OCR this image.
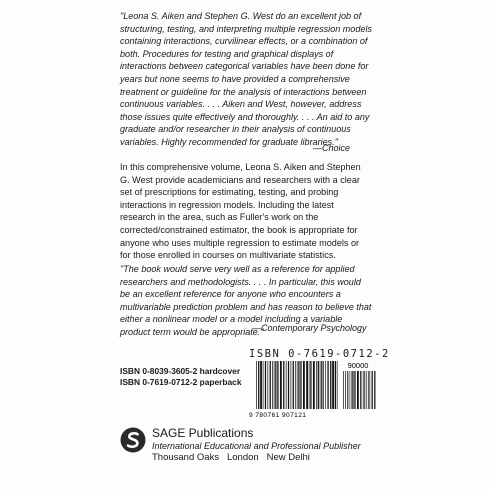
"Leona S. Aiken and Stephen G. West do an excellent job of structuring, testing, and interpreting multiple regression models containing interactions, curvilinear effects, or a combination of both. Procedures for testing and graphical displays of interactions between categorical variables have been done for years but none seems to have provided a comprehensive treatment or guideline for the analysis of interactions between continuous variables. . . . Aiken and West, however, address those issues quite effectively and thoroughly. . . . An aid to any graduate and/or researcher in their analysis of continuous variables. Highly recommended for graduate libraries."
—Choice
In this comprehensive volume, Leona S. Aiken and Stephen G. West provide academicians and researchers with a clear set of prescriptions for estimating, testing, and probing interactions in regression models. Including the latest research in the area, such as Fuller's work on the corrected/constrained estimator, the book is appropriate for anyone who uses multiple regression to estimate models or for those enrolled in courses on multivariate statistics.
"The book would serve very well as a reference for applied researchers and methodologists. . . . In particular, this would be an excellent reference for anyone who encounters a multivariable prediction problem and has reason to believe that either a nonlinear model or a model including a variable product term would be appropriate."
—Contemporary Psychology
ISBN 0-7619-0712-2
ISBN 0-8039-3605-2 hardcover
ISBN 0-7619-0712-2 paperback
90000
9 780761 907121
SAGE Publications
International Educational and Professional Publisher
Thousand Oaks   London   New Delhi
